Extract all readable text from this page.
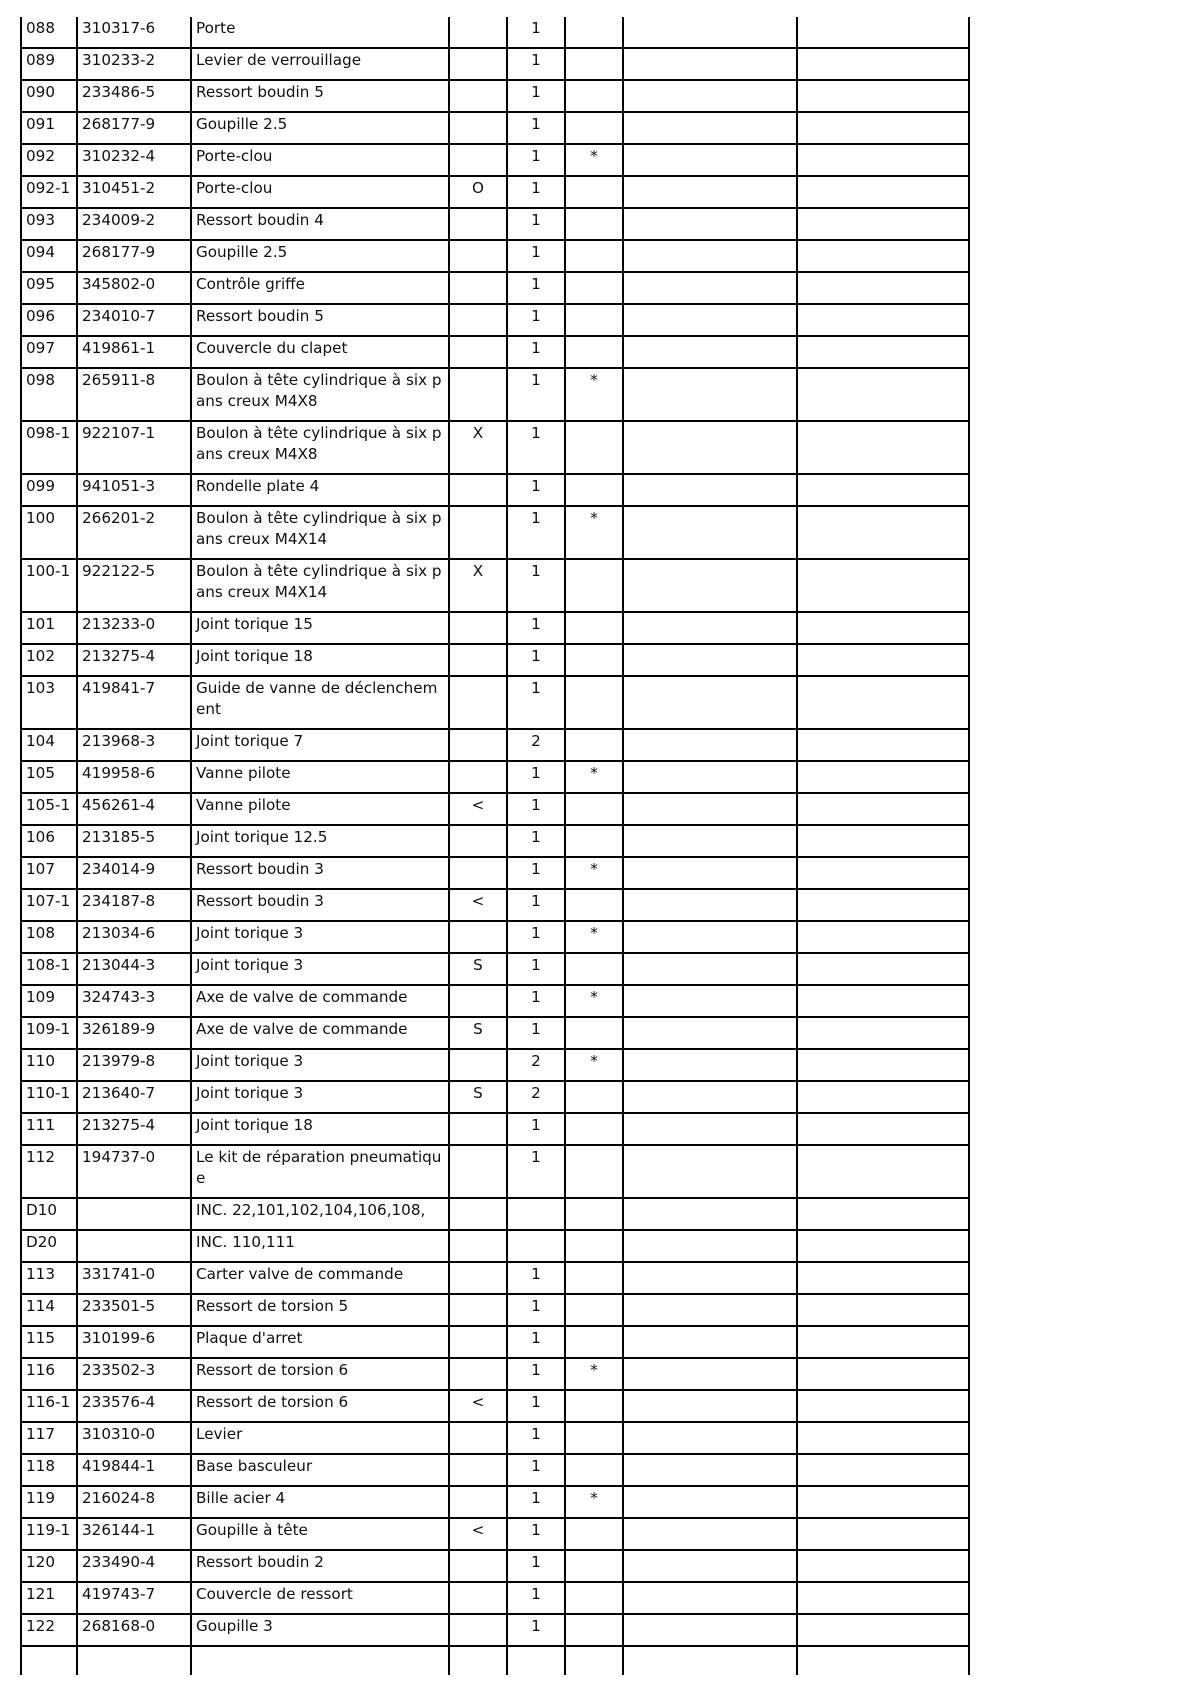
088	310317-6	Porte		1			
089	310233-2	Levier de verrouillage		1			
090	233486-5	Ressort boudin 5		1			
091	268177-9	Goupille 2.5		1			
092	310232-4	Porte-clou		1	*		
092-1	310451-2	Porte-clou	O	1			
093	234009-2	Ressort boudin 4		1			
094	268177-9	Goupille 2.5		1			
095	345802-0	Contrôle griffe		1			
096	234010-7	Ressort boudin 5		1			
097	419861-1	Couvercle du clapet		1			
098	265911-8	Boulon à tête cylindrique à six pans creux M4X8		1	*		
098-1	922107-1	Boulon à tête cylindrique à six pans creux M4X8	X	1			
099	941051-3	Rondelle plate 4		1			
100	266201-2	Boulon à tête cylindrique à six pans creux M4X14		1	*		
100-1	922122-5	Boulon à tête cylindrique à six pans creux M4X14	X	1			
101	213233-0	Joint torique 15		1			
102	213275-4	Joint torique 18		1			
103	419841-7	Guide de vanne de déclenchement		1			
104	213968-3	Joint torique 7		2			
105	419958-6	Vanne pilote		1	*		
105-1	456261-4	Vanne pilote	<	1			
106	213185-5	Joint torique 12.5		1			
107	234014-9	Ressort boudin 3		1	*		
107-1	234187-8	Ressort boudin 3	<	1			
108	213034-6	Joint torique 3		1	*		
108-1	213044-3	Joint torique 3	S	1			
109	324743-3	Axe de valve de commande		1	*		
109-1	326189-9	Axe de valve de commande	S	1			
110	213979-8	Joint torique 3		2	*		
110-1	213640-7	Joint torique 3	S	2			
111	213275-4	Joint torique 18		1			
112	194737-0	Le kit de réparation pneumatique		1			
D10		INC. 22,101,102,104,106,108,					
D20		INC. 110,111					
113	331741-0	Carter valve de commande		1			
114	233501-5	Ressort de torsion 5		1			
115	310199-6	Plaque d'arret		1			
116	233502-3	Ressort de torsion 6		1	*		
116-1	233576-4	Ressort de torsion 6	<	1			
117	310310-0	Levier		1			
118	419844-1	Base basculeur		1			
119	216024-8	Bille acier 4		1	*		
119-1	326144-1	Goupille à tête	<	1			
120	233490-4	Ressort boudin 2		1			
121	419743-7	Couvercle de ressort		1			
122	268168-0	Goupille 3		1			
